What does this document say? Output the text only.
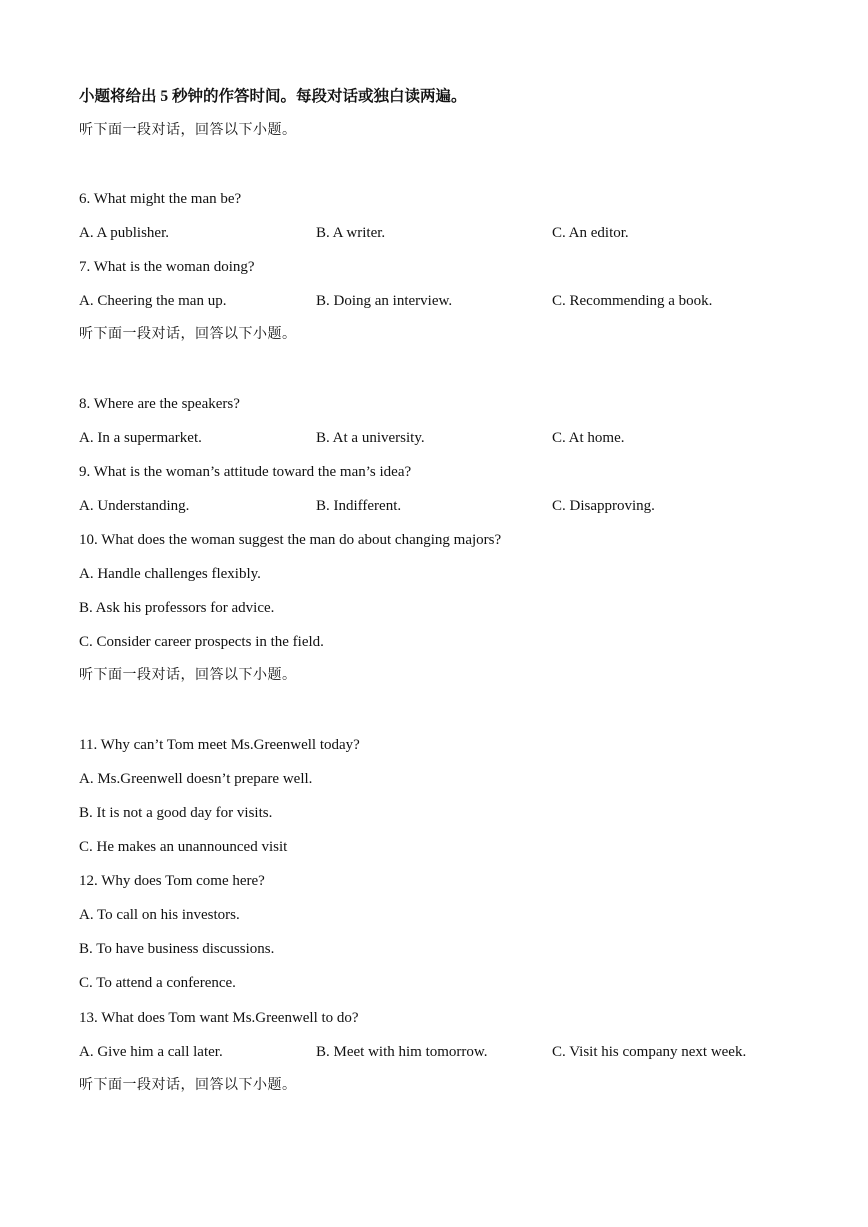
小题将给出 5 秒钟的作答时间。每段对话或独白读两遍。
听下面一段对话，回答以下小题。
6. What might the man be?
A. A publisher.	B. A writer.	C. An editor.
7. What is the woman doing?
A. Cheering the man up.	B. Doing an interview.	C. Recommending a book.
听下面一段对话，回答以下小题。
8. Where are the speakers?
A. In a supermarket.	B. At a university.	C. At home.
9. What is the woman’s attitude toward the man’s idea?
A. Understanding.	B. Indifferent.	C. Disapproving.
10. What does the woman suggest the man do about changing majors?
A. Handle challenges flexibly.
B. Ask his professors for advice.
C. Consider career prospects in the field.
听下面一段对话，回答以下小题。
11. Why can’t Tom meet Ms.Greenwell today?
A. Ms.Greenwell doesn’t prepare well.
B. It is not a good day for visits.
C. He makes an unannounced visit
12. Why does Tom come here?
A. To call on his investors.
B. To have business discussions.
C. To attend a conference.
13. What does Tom want Ms.Greenwell to do?
A. Give him a call later.	B. Meet with him tomorrow.	C. Visit his company next week.
听下面一段对话，回答以下小题。
